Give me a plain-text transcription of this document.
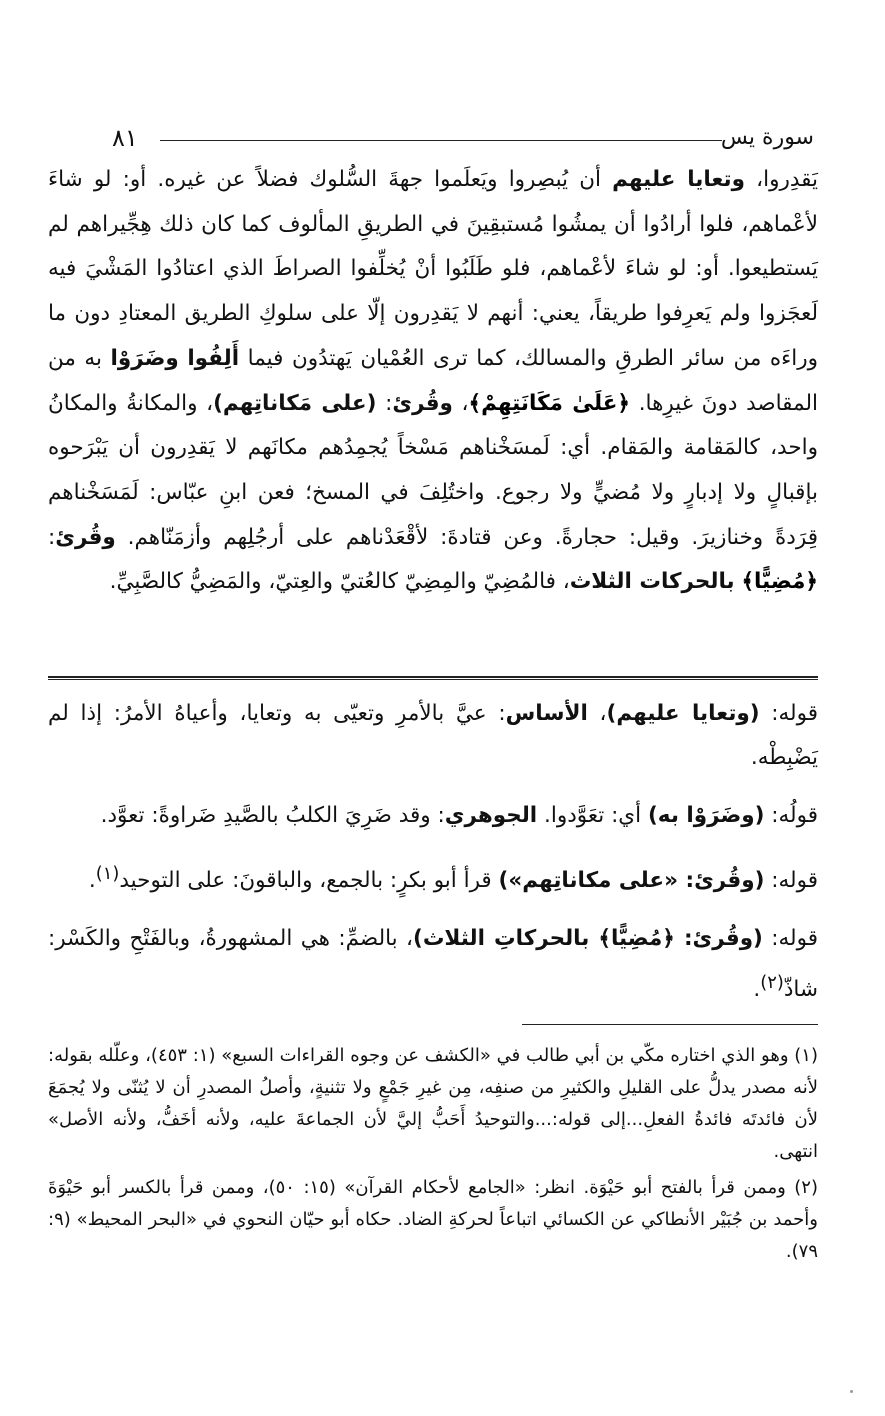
سورة يس
٨١

يَقدِروا، وتعايا عليهم أن يُبصِروا ويَعلَموا جهةَ السُّلوك فضلاً عن غيره. أو: لو شاءَ لأعْماهم، فلوا أرادُوا أن يمشُوا مُستبقِينَ في الطريقِ المألوف كما كان ذلك هِجِّيراهم لم يَستطيعوا. أو: لو شاءَ لأعْماهم، فلو طَلَبُوا أنْ يُخلِّفوا الصراطَ الذي اعتادُوا المَشْيَ فيه لَعجَزوا ولم يَعرِفوا طريقاً، يعني: أنهم لا يَقدِرون إلّا على سلوكِ الطريق المعتادِ دون ما وراءَه من سائر الطرقِ والمسالك، كما ترى العُمْيان يَهتدُون فيما أَلِفُوا وضَرَوْا به من المقاصد دونَ غيرِها. ﴿عَلَىٰ مَكَانَتِهِمْ﴾، وقُرئ: (على مَكاناتِهم)، والمكانةُ والمكانُ واحد، كالمَقامة والمَقام. أي: لَمسَخْناهم مَسْخاً يُجمِدُهم مكانَهم لا يَقدِرون أن يَبْرَحوه بإقبالٍ ولا إدبارٍ ولا مُضيٍّ ولا رجوع. واختُلِفَ في المسخ؛ فعن ابنِ عبّاس: لَمَسَخْناهم قِرَدةً وخنازيرَ. وقيل: حجارةً. وعن قتادةَ: لأقْعَدْناهم على أرجُلِهم وأزمَنّاهم. وقُرئ: ﴿مُضِيًّا﴾ بالحركات الثلاث، فالمُضِيّ والمِضِيّ كالعُتيّ والعِتيّ، والمَضِيُّ كالصَّبِيِّ.

قوله: (وتعايا عليهم)، الأساس: عيَّ بالأمرِ وتعيّى به وتعايا، وأعياهُ الأمرُ: إذا لم يَضْبِطْه.

قولُه: (وضَرَوْا به) أي: تعَوَّدوا. الجوهري: وقد ضَرِيَ الكلبُ بالصَّيدِ ضَراوةً: تعوَّد.

قوله: (وقُرئ: «على مكاناتِهم») قرأ أبو بكرٍ: بالجمع، والباقونَ: على التوحيد$^{(١)}$.

قوله: (وقُرئ: ﴿مُضِيًّا﴾ بالحركاتِ الثلاث)، بالضمِّ: هي المشهورةُ، وبالفَتْحِ والكَسْر: شاذّ$^{(٢)}$.

(١) وهو الذي اختاره مكّي بن أبي طالب في «الكشف عن وجوه القراءات السبع» (١: ٤٥٣)، وعلّله بقوله: لأنه مصدر يدلُّ على القليلِ والكثيرِ من صنفِه، مِن غيرِ جَمْعٍ ولا تثنيةٍ، وأصلُ المصدرِ أن لا يُثنّى ولا يُجمَعَ لأن فائدتَه فائدةُ الفعلِ...إلى قوله:...والتوحيدُ أَحَبُّ إليَّ لأن الجماعةَ عليه، ولأنه أخَفُّ، ولأنه الأصل» انتهى.

(٢) وممن قرأ بالفتح أبو حَيْوَة. انظر: «الجامع لأحكام القرآن» (١٥: ٥٠)، وممن قرأ بالكسر أبو حَيْوَةَ وأحمد بن جُبَيْر الأنطاكي عن الكسائي اتباعاً لحركةِ الضاد. حكاه أبو حيّان النحوي في «البحر المحيط» (٩: ٧٩).
